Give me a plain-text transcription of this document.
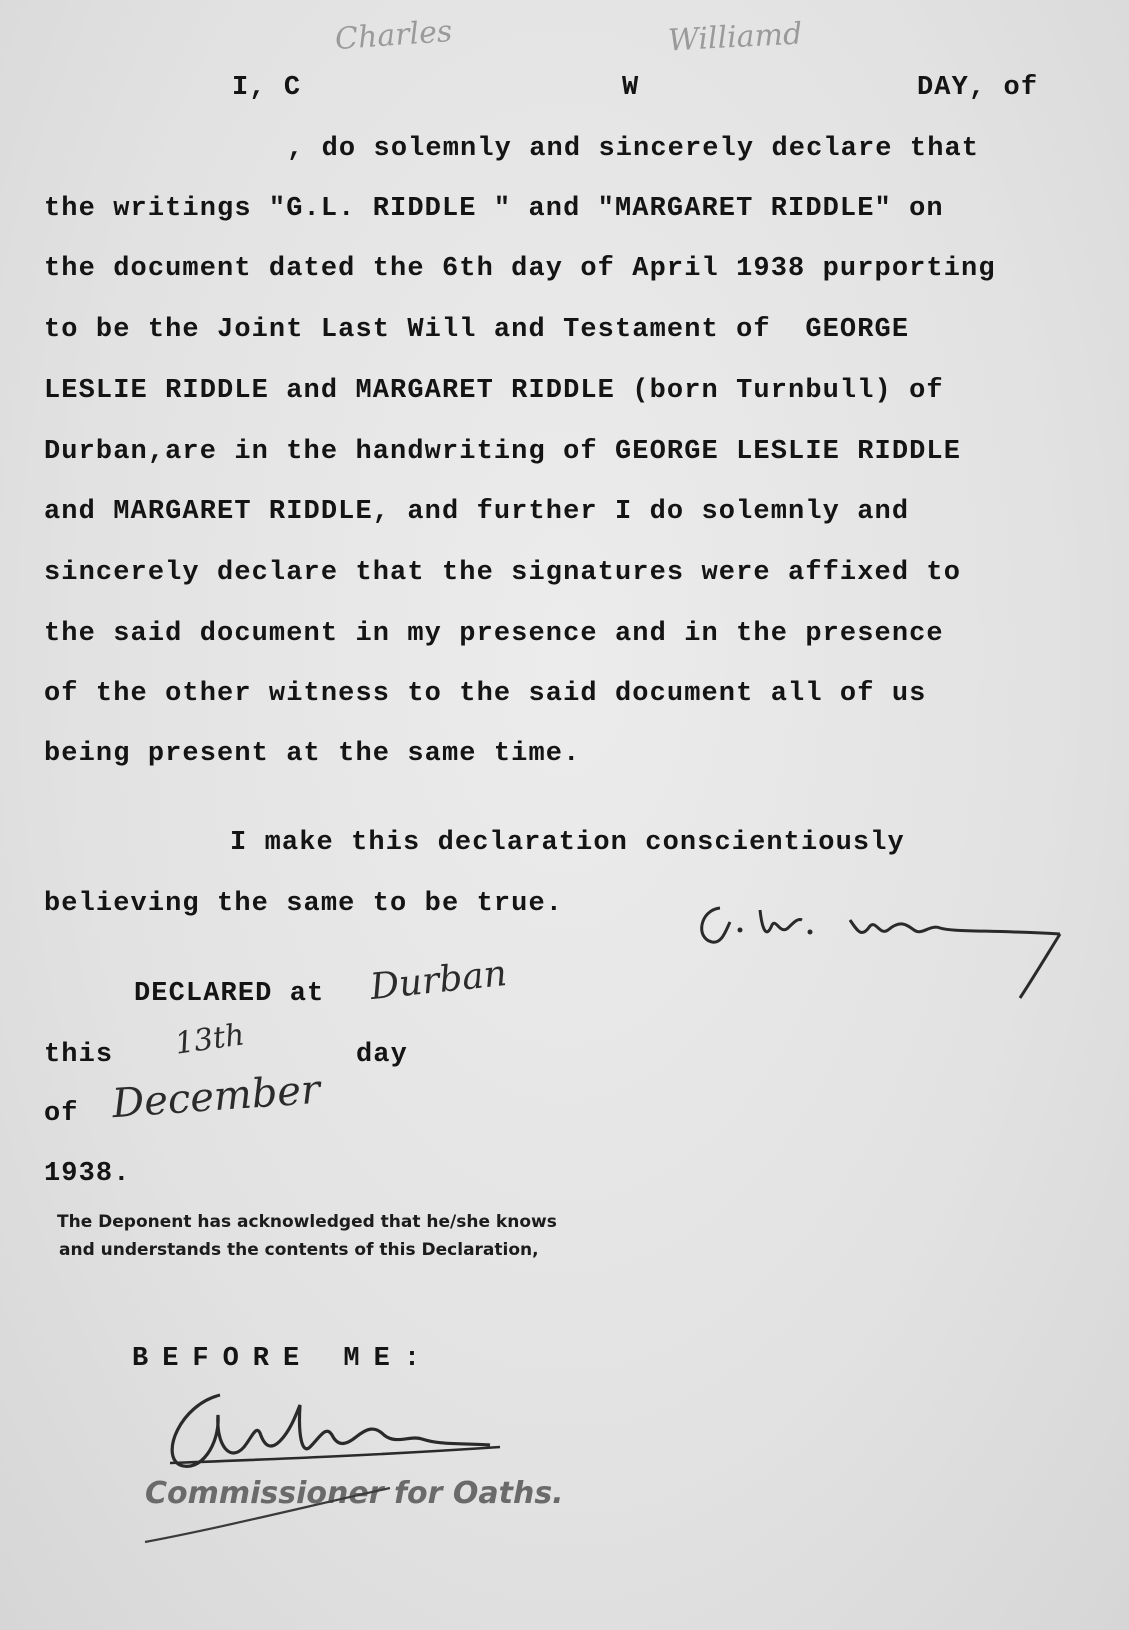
Charles	Williamd
I, C	W	DAY, of
, do solemnly and sincerely declare that
the writings "G.L. RIDDLE " and "MARGARET RIDDLE" on
the document dated the 6th day of April 1938 purporting
to be the Joint Last Will and Testament of  GEORGE
LESLIE RIDDLE and MARGARET RIDDLE (born Turnbull) of
Durban,are in the handwriting of GEORGE LESLIE RIDDLE
and MARGARET RIDDLE, and further I do solemnly and
sincerely declare that the signatures were affixed to
the said document in my presence and in the presence
of the other witness to the said document all of us
being present at the same time.
I make this declaration conscientiously
believing the same to be true.
DECLARED at Durban
this 13th	day
of December
1938.
The Deponent has acknowledged that he/she knows
and understands the contents of this Declaration,
BEFORE ME:
Commissioner for Oaths.
